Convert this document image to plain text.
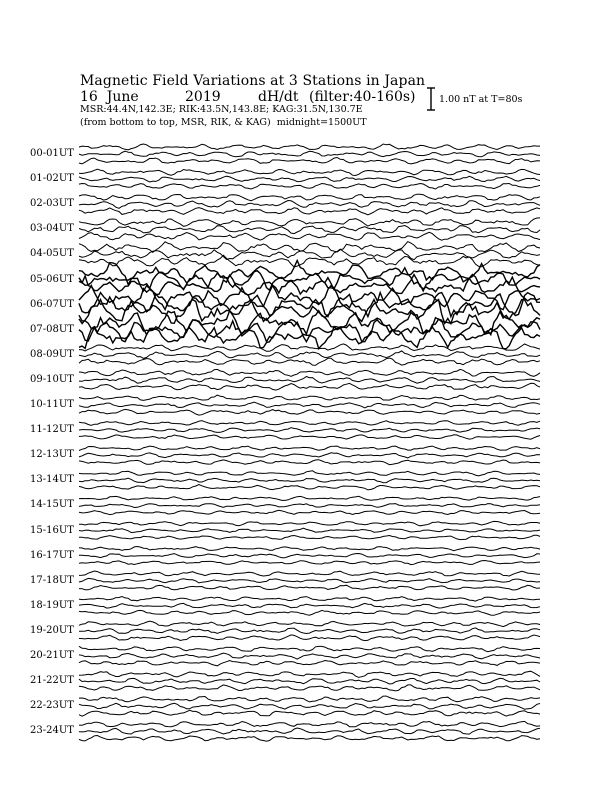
Magnetic Field Variations at 3 Stations in Japan

16  June

	2019

	dH/dt

(filter:40-160s)

MSR:44.4N,142.3E; RIK:43.5N,143.8E; KAG:31.5N,130.7E
(from bottom to top, MSR, RIK, & KAG) midnight=1500UT
1.00 nT at T=80s
00-01UT
01-02UT
02-03UT
03-04UT
04-05UT
05-06UT
06-07UT
07-08UT
08-09UT
09-10UT
10-11UT
11-12UT
12-13UT
13-14UT
14-15UT
15-16UT
16-17UT
17-18UT
18-19UT
19-20UT
20-21UT
21-22UT
22-23UT
23-24UT
